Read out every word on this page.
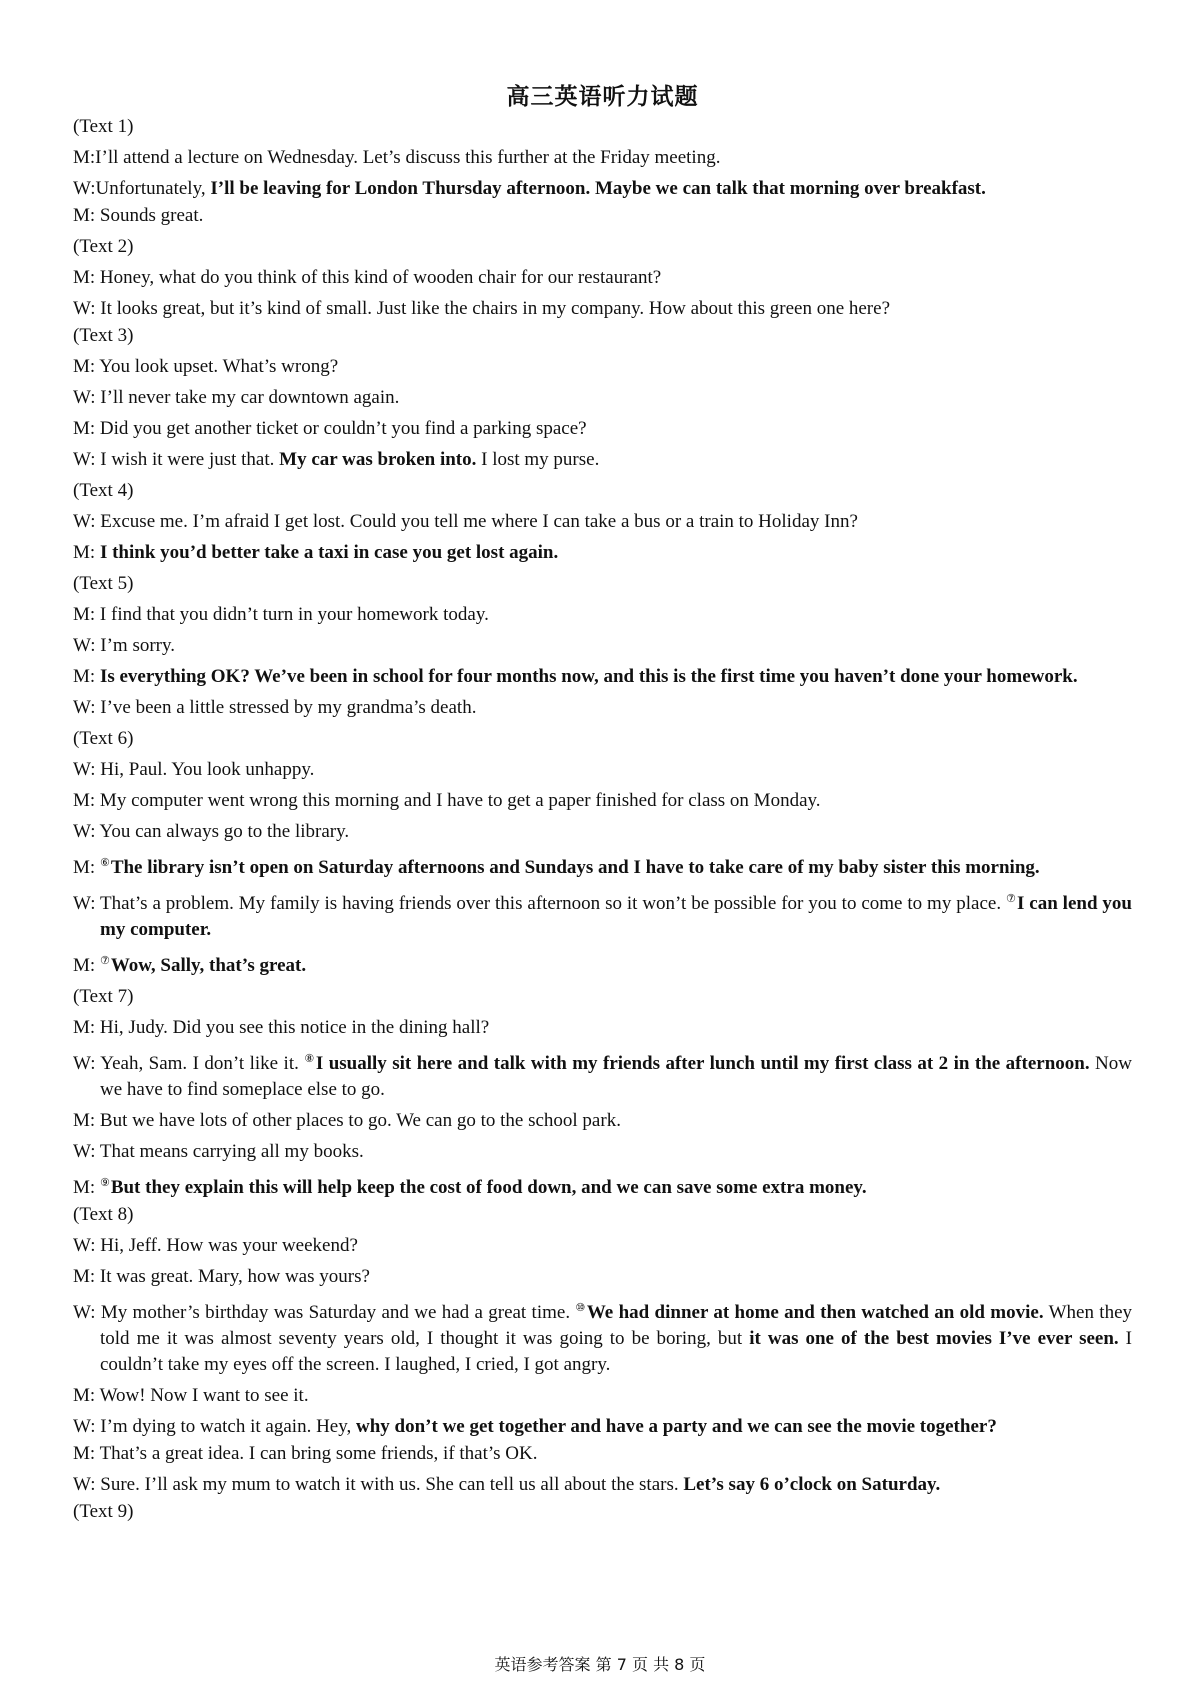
高三英语听力试题
(Text 1)
M:I’ll attend a lecture on Wednesday. Let’s discuss this further at the Friday meeting.
W:Unfortunately, I’ll be leaving for London Thursday afternoon. Maybe we can talk that morning over breakfast.
M: Sounds great.
(Text 2)
M: Honey, what do you think of this kind of wooden chair for our restaurant?
W: It looks great, but it’s kind of small. Just like the chairs in my company. How about this green one here?
(Text 3)
M: You look upset. What’s wrong?
W: I’ll never take my car downtown again.
M: Did you get another ticket or couldn’t you find a parking space?
W: I wish it were just that. My car was broken into. I lost my purse.
(Text 4)
W: Excuse me. I’m afraid I get lost. Could you tell me where I can take a bus or a train to Holiday Inn?
M: I think you’d better take a taxi in case you get lost again.
(Text 5)
M: I find that you didn’t turn in your homework today.
W: I’m sorry.
M: Is everything OK? We’ve been in school for four months now, and this is the first time you haven’t done your homework.
W: I’ve been a little stressed by my grandma’s death.
(Text 6)
W: Hi, Paul. You look unhappy.
M: My computer went wrong this morning and I have to get a paper finished for class on Monday.
W: You can always go to the library.
M: ⑥The library isn’t open on Saturday afternoons and Sundays and I have to take care of my baby sister this morning.
W: That’s a problem. My family is having friends over this afternoon so it won’t be possible for you to come to my place. ⑦I can lend you my computer.
M: ⑦Wow, Sally, that’s great.
(Text 7)
M: Hi, Judy. Did you see this notice in the dining hall?
W: Yeah, Sam. I don’t like it. ⑧I usually sit here and talk with my friends after lunch until my first class at 2 in the afternoon. Now we have to find someplace else to go.
M: But we have lots of other places to go. We can go to the school park.
W: That means carrying all my books.
M: ⑨But they explain this will help keep the cost of food down, and we can save some extra money.
(Text 8)
W: Hi, Jeff. How was your weekend?
M: It was great. Mary, how was yours?
W: My mother’s birthday was Saturday and we had a great time. ⑩We had dinner at home and then watched an old movie. When they told me it was almost seventy years old, I thought it was going to be boring, but it was one of the best movies I’ve ever seen. I couldn’t take my eyes off the screen. I laughed, I cried, I got angry.
M: Wow! Now I want to see it.
W: I’m dying to watch it again. Hey, why don’t we get together and have a party and we can see the movie together?
M: That’s a great idea. I can bring some friends, if that’s OK.
W: Sure. I’ll ask my mum to watch it with us. She can tell us all about the stars. Let’s say 6 o’clock on Saturday.
(Text 9)
英语参考答案 第 7 页 共 8 页
